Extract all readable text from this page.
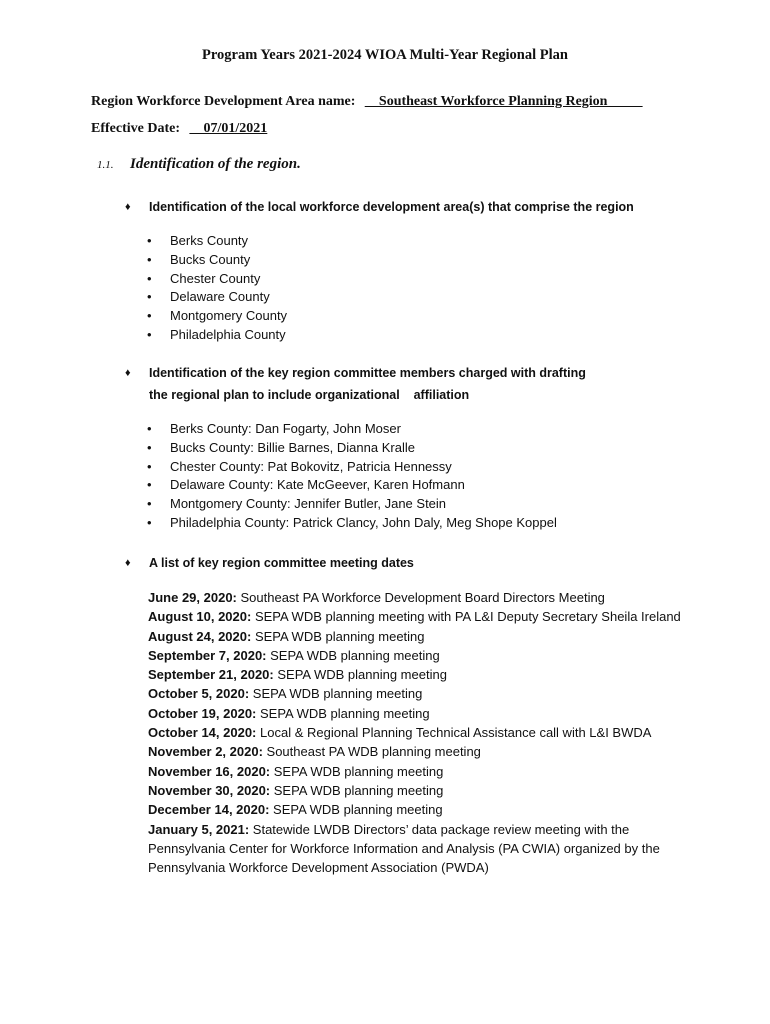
Program Years 2021-2024 WIOA Multi-Year Regional Plan
Region Workforce Development Area name: __Southeast Workforce Planning Region_____
Effective Date: __07/01/2021
1.1. Identification of the region.
♦ Identification of the local workforce development area(s) that comprise the region
• Berks County
• Bucks County
• Chester County
• Delaware County
• Montgomery County
• Philadelphia County
♦ Identification of the key region committee members charged with drafting
the regional plan to include organizational    affiliation
• Berks County: Dan Fogarty, John Moser
• Bucks County: Billie Barnes, Dianna Kralle
• Chester County: Pat Bokovitz, Patricia Hennessy
• Delaware County: Kate McGeever, Karen Hofmann
• Montgomery County: Jennifer Butler, Jane Stein
• Philadelphia County: Patrick Clancy, John Daly, Meg Shope Koppel
♦ A list of key region committee meeting dates
June 29, 2020: Southeast PA Workforce Development Board Directors Meeting
August 10, 2020: SEPA WDB planning meeting with PA L&I Deputy Secretary Sheila Ireland
August 24, 2020: SEPA WDB planning meeting
September 7, 2020: SEPA WDB planning meeting
September 21, 2020: SEPA WDB planning meeting
October 5, 2020: SEPA WDB planning meeting
October 19, 2020: SEPA WDB planning meeting
October 14, 2020: Local & Regional Planning Technical Assistance call with L&I BWDA
November 2, 2020: Southeast PA WDB planning meeting
November 16, 2020: SEPA WDB planning meeting
November 30, 2020: SEPA WDB planning meeting
December 14, 2020: SEPA WDB planning meeting
January 5, 2021: Statewide LWDB Directors’ data package review meeting with the Pennsylvania Center for Workforce Information and Analysis (PA CWIA) organized by the Pennsylvania Workforce Development Association (PWDA)
